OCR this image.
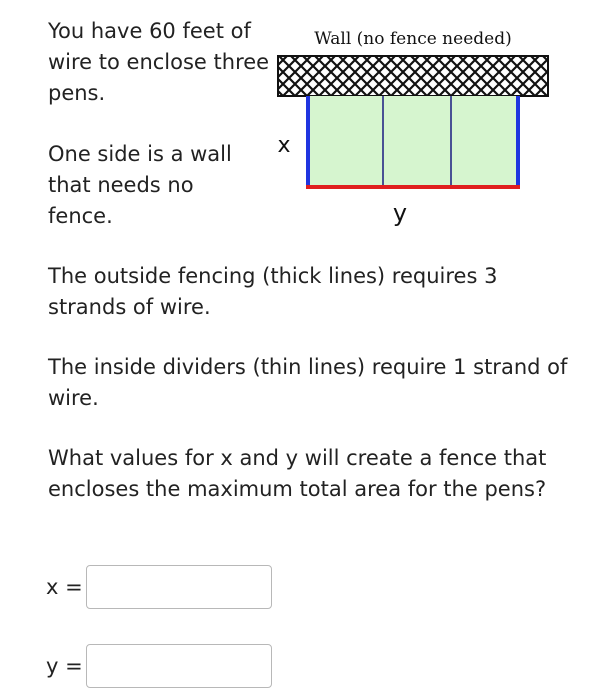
You have 60 feet of wire to enclose three pens.

One side is a wall that needs no fence.

Wall (no fence needed)
x
y

The outside fencing (thick lines) requires 3 strands of wire.

The inside dividers (thin lines) require 1 strand of wire.

What values for x and y will create a fence that encloses the maximum total area for the pens?

x =
y =
